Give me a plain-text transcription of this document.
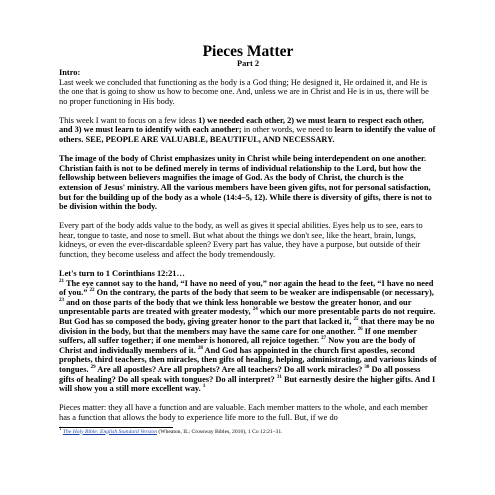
Pieces Matter
Part 2

Intro:
Last week we concluded that functioning as the body is a God thing; He designed it, He ordained it, and He is the one that is going to show us how to become one. And, unless we are in Christ and He is in us, there will be no proper functioning in His body.

This week I want to focus on a few ideas 1) we needed each other, 2) we must learn to respect each other, and 3) we must learn to identify with each another; in other words, we need to learn to identify the value of others. SEE, PEOPLE ARE VALUABLE, BEAUTIFUL, AND NECESSARY.

The image of the body of Christ emphasizes unity in Christ while being interdependent on one another. Christian faith is not to be defined merely in terms of individual relationship to the Lord, but how the fellowship between believers magnifies the image of God. As the body of Christ, the church is the extension of Jesus' ministry. All the various members have been given gifts, not for personal satisfaction, but for the building up of the body as a whole (14:4–5, 12). While there is diversity of gifts, there is not to be division within the body.

Every part of the body adds value to the body, as well as gives it special abilities. Eyes help us to see, ears to hear, tongue to taste, and nose to smell. But what about the things we don't see, like the heart, brain, lungs, kidneys, or even the ever-discardable spleen? Every part has value, they have a purpose, but outside of their function, they become useless and affect the body tremendously.

Let's turn to 1 Corinthians 12:21…
$^{21}$ The eye cannot say to the hand, “I have no need of you,” nor again the head to the feet, “I have no need of you.” $^{22}$ On the contrary, the parts of the body that seem to be weaker are indispensable (or necessary), $^{23}$ and on those parts of the body that we think less honorable we bestow the greater honor, and our unpresentable parts are treated with greater modesty, $^{24}$ which our more presentable parts do not require. But God has so composed the body, giving greater honor to the part that lacked it, $^{25}$ that there may be no division in the body, but that the members may have the same care for one another. $^{26}$ If one member suffers, all suffer together; if one member is honored, all rejoice together. $^{27}$ Now you are the body of Christ and individually members of it. $^{28}$ And God has appointed in the church first apostles, second prophets, third teachers, then miracles, then gifts of healing, helping, administrating, and various kinds of tongues. $^{29}$ Are all apostles? Are all prophets? Are all teachers? Do all work miracles? $^{30}$ Do all possess gifts of healing? Do all speak with tongues? Do all interpret? $^{31}$ But earnestly desire the higher gifts. And I will show you a still more excellent way. $^1$

Pieces matter: they all have a function and are valuable. Each member matters to the whole, and each member has a function that allows the body to experience life more to the full. But, if we do

$^1$ The Holy Bible: English Standard Version (Wheaton, IL: Crossway Bibles, 2016), 1 Co 12:21–31.
